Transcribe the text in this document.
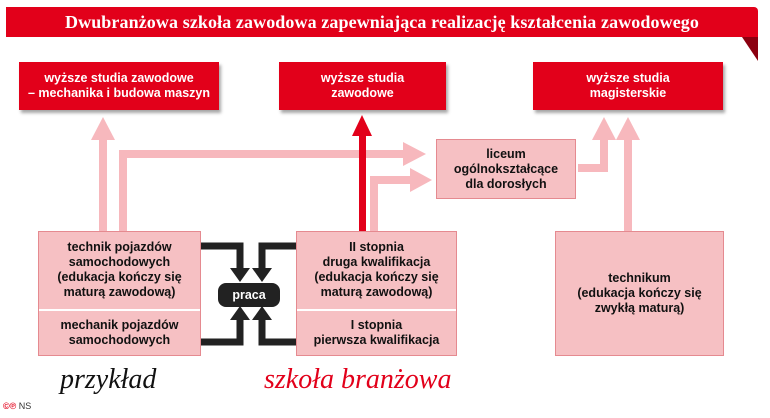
Dwubranżowa szkoła zawodowa zapewniająca realizację kształcenia zawodowego
wyższe studia zawodowe
– mechanika i budowa maszyn
wyższe studia
zawodowe
wyższe studia
magisterskie
liceum
ogólnokształcące
dla dorosłych
technik pojazdów
samochodowych
(edukacja kończy się
maturą zawodową)
mechanik pojazdów
samochodowych
praca
II stopnia
druga kwalifikacja
(edukacja kończy się
maturą zawodową)
I stopnia
pierwsza kwalifikacja
technikum
(edukacja kończy się
zwykłą maturą)
przykład	szkoła branżowa
©℗ NS
